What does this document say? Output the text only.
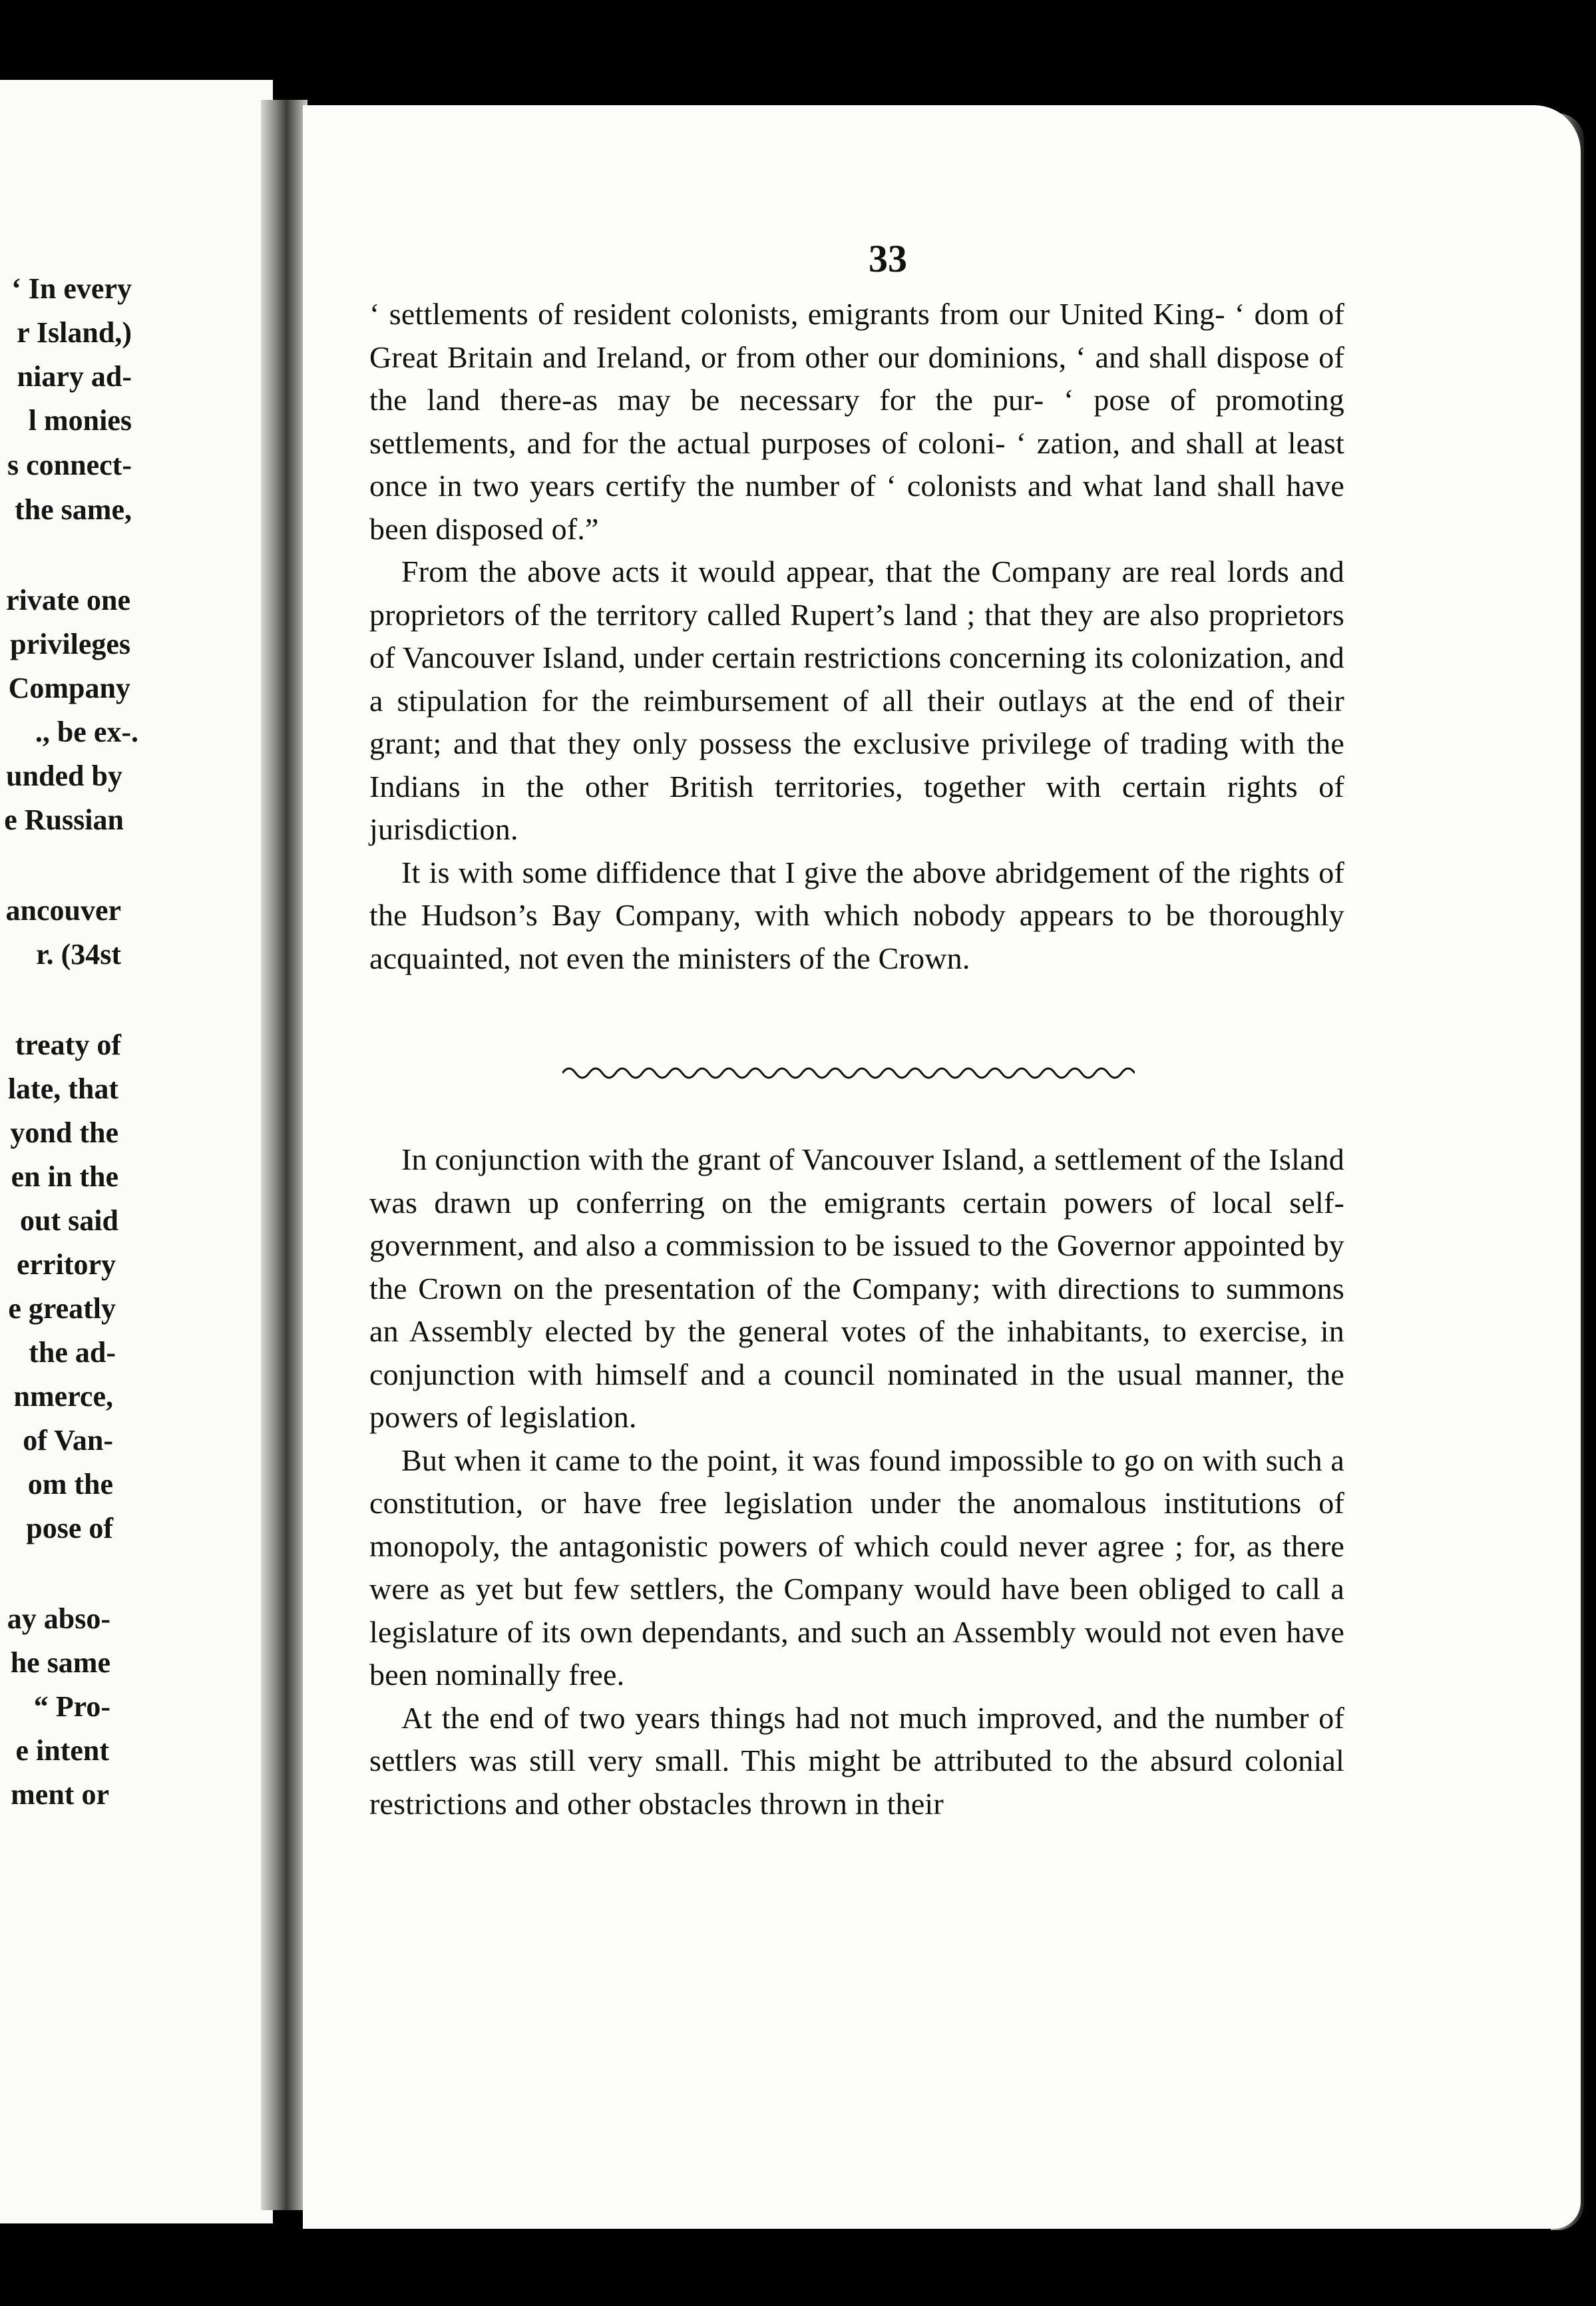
‘ In every
r Island,)
niary ad-
l monies
s connect-
the same,
rivate one
privileges
Company
., be ex-.
unded by
e Russian
ancouver
r. (34st
treaty of
late, that
yond the
en in the
out said
erritory
e greatly
the ad-
nmerce,
of Van-
om the
pose of
ay abso-
he same
“ Pro-
e intent
ment or
33

‘ settlements of resident colonists, emigrants from our United King- ‘ dom of Great Britain and Ireland, or from other our dominions, ‘ and shall dispose of the land there-as may be necessary for the pur- ‘ pose of promoting settlements, and for the actual purposes of coloni- ‘ zation, and shall at least once in two years certify the number of ‘ colonists and what land shall have been disposed of.”

From the above acts it would appear, that the Company are real lords and proprietors of the territory called Rupert’s land ; that they are also proprietors of Vancouver Island, under certain restrictions concerning its colonization, and a stipulation for the reimbursement of all their outlays at the end of their grant; and that they only possess the exclusive privilege of trading with the Indians in the other British territories, together with certain rights of jurisdiction.

It is with some diffidence that I give the above abridgement of the rights of the Hudson’s Bay Company, with which nobody appears to be thoroughly acquainted, not even the ministers of the Crown.

In conjunction with the grant of Vancouver Island, a settlement of the Island was drawn up conferring on the emigrants certain powers of local self-government, and also a commission to be issued to the Governor appointed by the Crown on the presentation of the Company; with directions to summons an Assembly elected by the general votes of the inhabitants, to exercise, in conjunction with himself and a council nominated in the usual manner, the powers of legislation.

But when it came to the point, it was found impossible to go on with such a constitution, or have free legislation under the anomalous institutions of monopoly, the antagonistic powers of which could never agree ; for, as there were as yet but few settlers, the Company would have been obliged to call a legislature of its own dependants, and such an Assembly would not even have been nominally free.

At the end of two years things had not much improved, and the number of settlers was still very small. This might be attributed to the absurd colonial restrictions and other obstacles thrown in their
